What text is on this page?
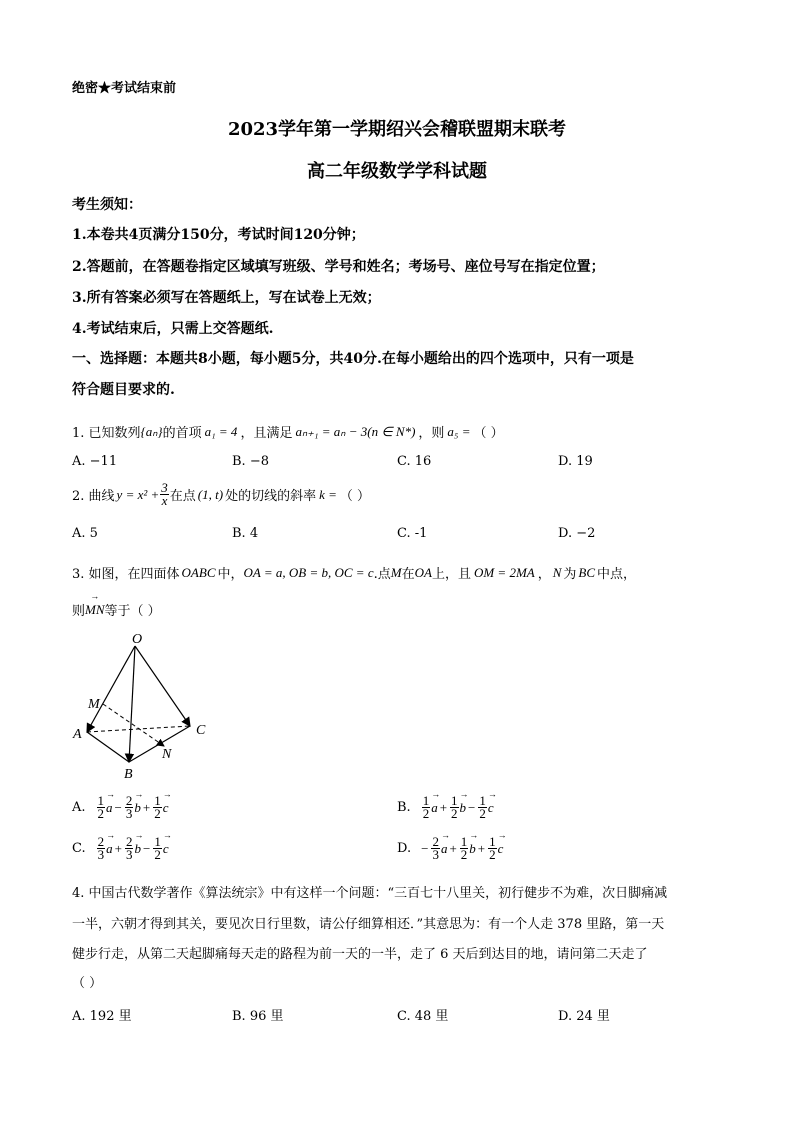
绝密★考试结束前
2023学年第一学期绍兴会稽联盟期末联考
高二年级数学学科试题
考生须知：
1.本卷共4页满分150分，考试时间120分钟；
2.答题前，在答题卷指定区域填写班级、学号和姓名；考场号、座位号写在指定位置；
3.所有答案必须写在答题纸上，写在试卷上无效；
4.考试结束后，只需上交答题纸.
一、选择题：本题共8小题，每小题5分，共40分.在每小题给出的四个选项中，只有一项是
符合题目要求的.
1. 已知数列 {aₙ} 的首项 a₁ = 4 ，且满足 aₙ₊₁ = aₙ − 3(n ∈ N*) ，则 a₅ = （ ）
A. −11	B. −8	C. 16	D. 19
2. 曲线 $y = x^2 + \frac{3}{x}$ 在点 (1, t) 处的切线的斜率 k = （ ）
A. 5	B. 4	C. -1	D. −2
3. 如图，在四面体 OABC 中， OA = a, OB = b, OC = c .点 M 在 OA 上，且 OM = 2MA ， N 为 BC 中点，
则
→ MN 等于（ ）
O
M
A	C
N
B
A. $\frac{1}{2}$
→ $a - \frac{2}{3}$
→ $b + \frac{1}{2}$
→ c	B. $\frac{1}{2}$
→ $a + \frac{1}{2}$
→ $b - \frac{1}{2}$
→ c
C. $\frac{2}{3}$
→ $a + \frac{2}{3}$
→ $b - \frac{1}{2}$
→ c	D. − $\frac{2}{3}$
→ $a + \frac{1}{2}$
→ $b + \frac{1}{2}$
→ c
4. 中国古代数学著作《算法统宗》中有这样一个问题：“三百七十八里关，初行健步不为难，次日脚痛减
一半，六朝才得到其关，要见次日行里数，请公仔细算相还．”其意思为：有一个人走 378 里路，第一天
健步行走，从第二天起脚痛每天走的路程为前一天的一半，走了 6 天后到达目的地，请问第二天走了
（ ）
A. 192 里	B. 96 里	C. 48 里	D. 24 里
